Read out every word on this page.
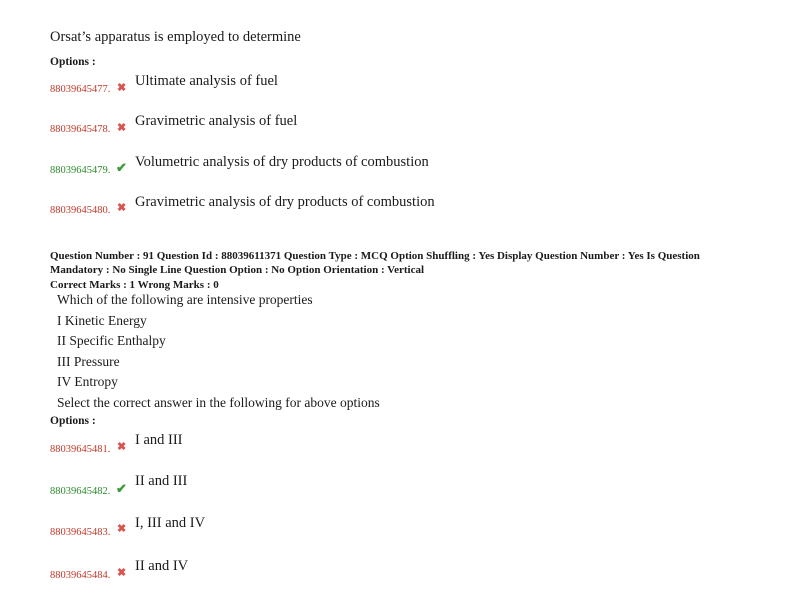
Orsat’s apparatus is employed to determine
Options :
88039645477. ✖ Ultimate analysis of fuel
88039645478. ✖ Gravimetric analysis of fuel
88039645479. ✔ Volumetric analysis of dry products of combustion
88039645480. ✖ Gravimetric analysis of dry products of combustion
Question Number : 91 Question Id : 88039611371 Question Type : MCQ Option Shuffling : Yes Display Question Number : Yes Is Question
Mandatory : No Single Line Question Option : No Option Orientation : Vertical
Correct Marks : 1 Wrong Marks : 0
Which of the following are intensive properties
I Kinetic Energy
II Specific Enthalpy
III Pressure
IV Entropy
Select the correct answer in the following for above options
Options :
88039645481. ✖ I and III
88039645482. ✔ II and III
88039645483. ✖ I, III and IV
88039645484. ✖ II and IV
